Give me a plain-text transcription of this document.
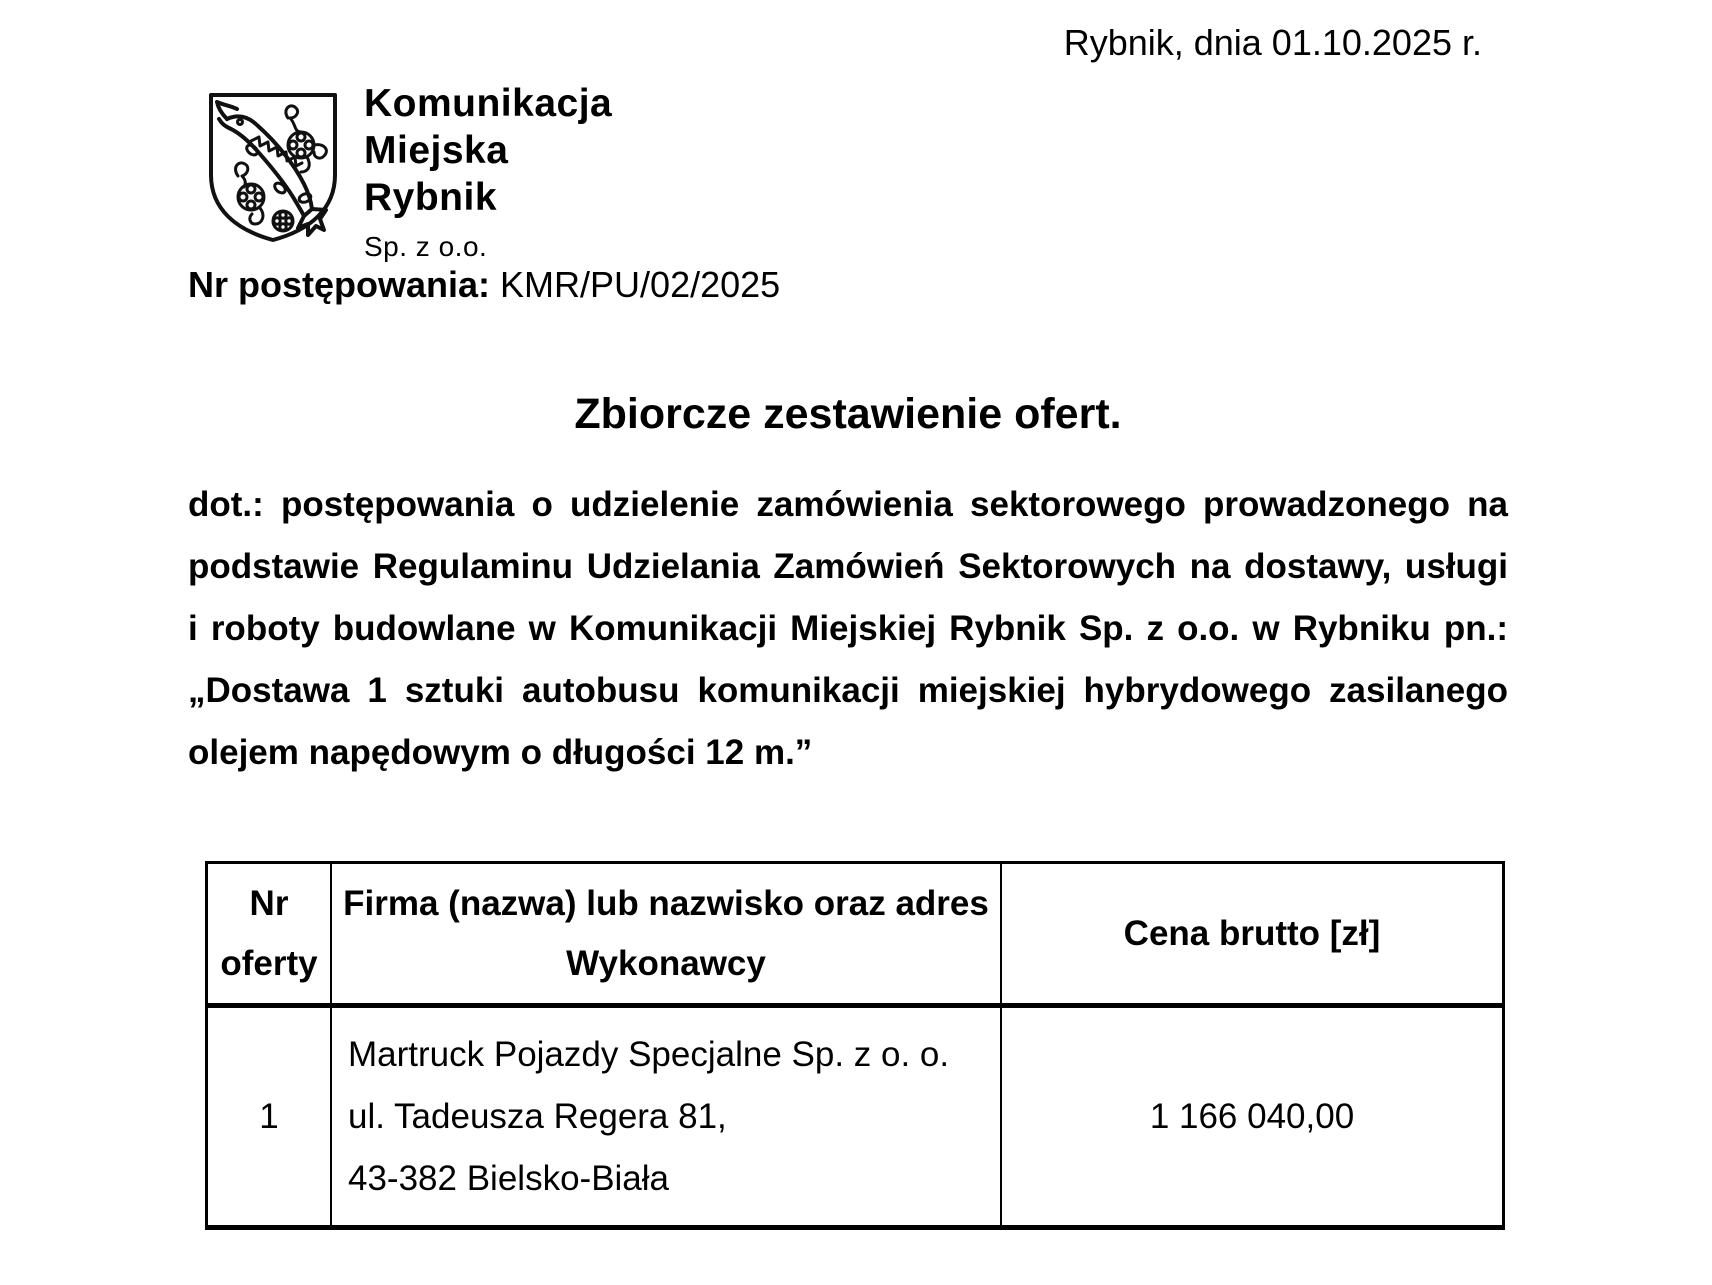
Rybnik, dnia 01.10.2025 r.
Komunikacja
Miejska
Rybnik
Sp. z o.o.
Nr postępowania: KMR/PU/02/2025
Zbiorcze zestawienie ofert.
dot.: postępowania o udzielenie zamówienia sektorowego prowadzonego na
podstawie Regulaminu Udzielania Zamówień Sektorowych na dostawy, usługi
i roboty budowlane w Komunikacji Miejskiej Rybnik Sp. z o.o. w Rybniku pn.:
„Dostawa 1 sztuki autobusu komunikacji miejskiej hybrydowego zasilanego
olejem napędowym o długości 12 m.”
Nr
oferty
Firma (nazwa) lub nazwisko oraz adres
Wykonawcy
Cena brutto [zł]
1
Martruck Pojazdy Specjalne Sp. z o. o.
ul. Tadeusza Regera 81,
43-382 Bielsko-Biała
1 166 040,00
